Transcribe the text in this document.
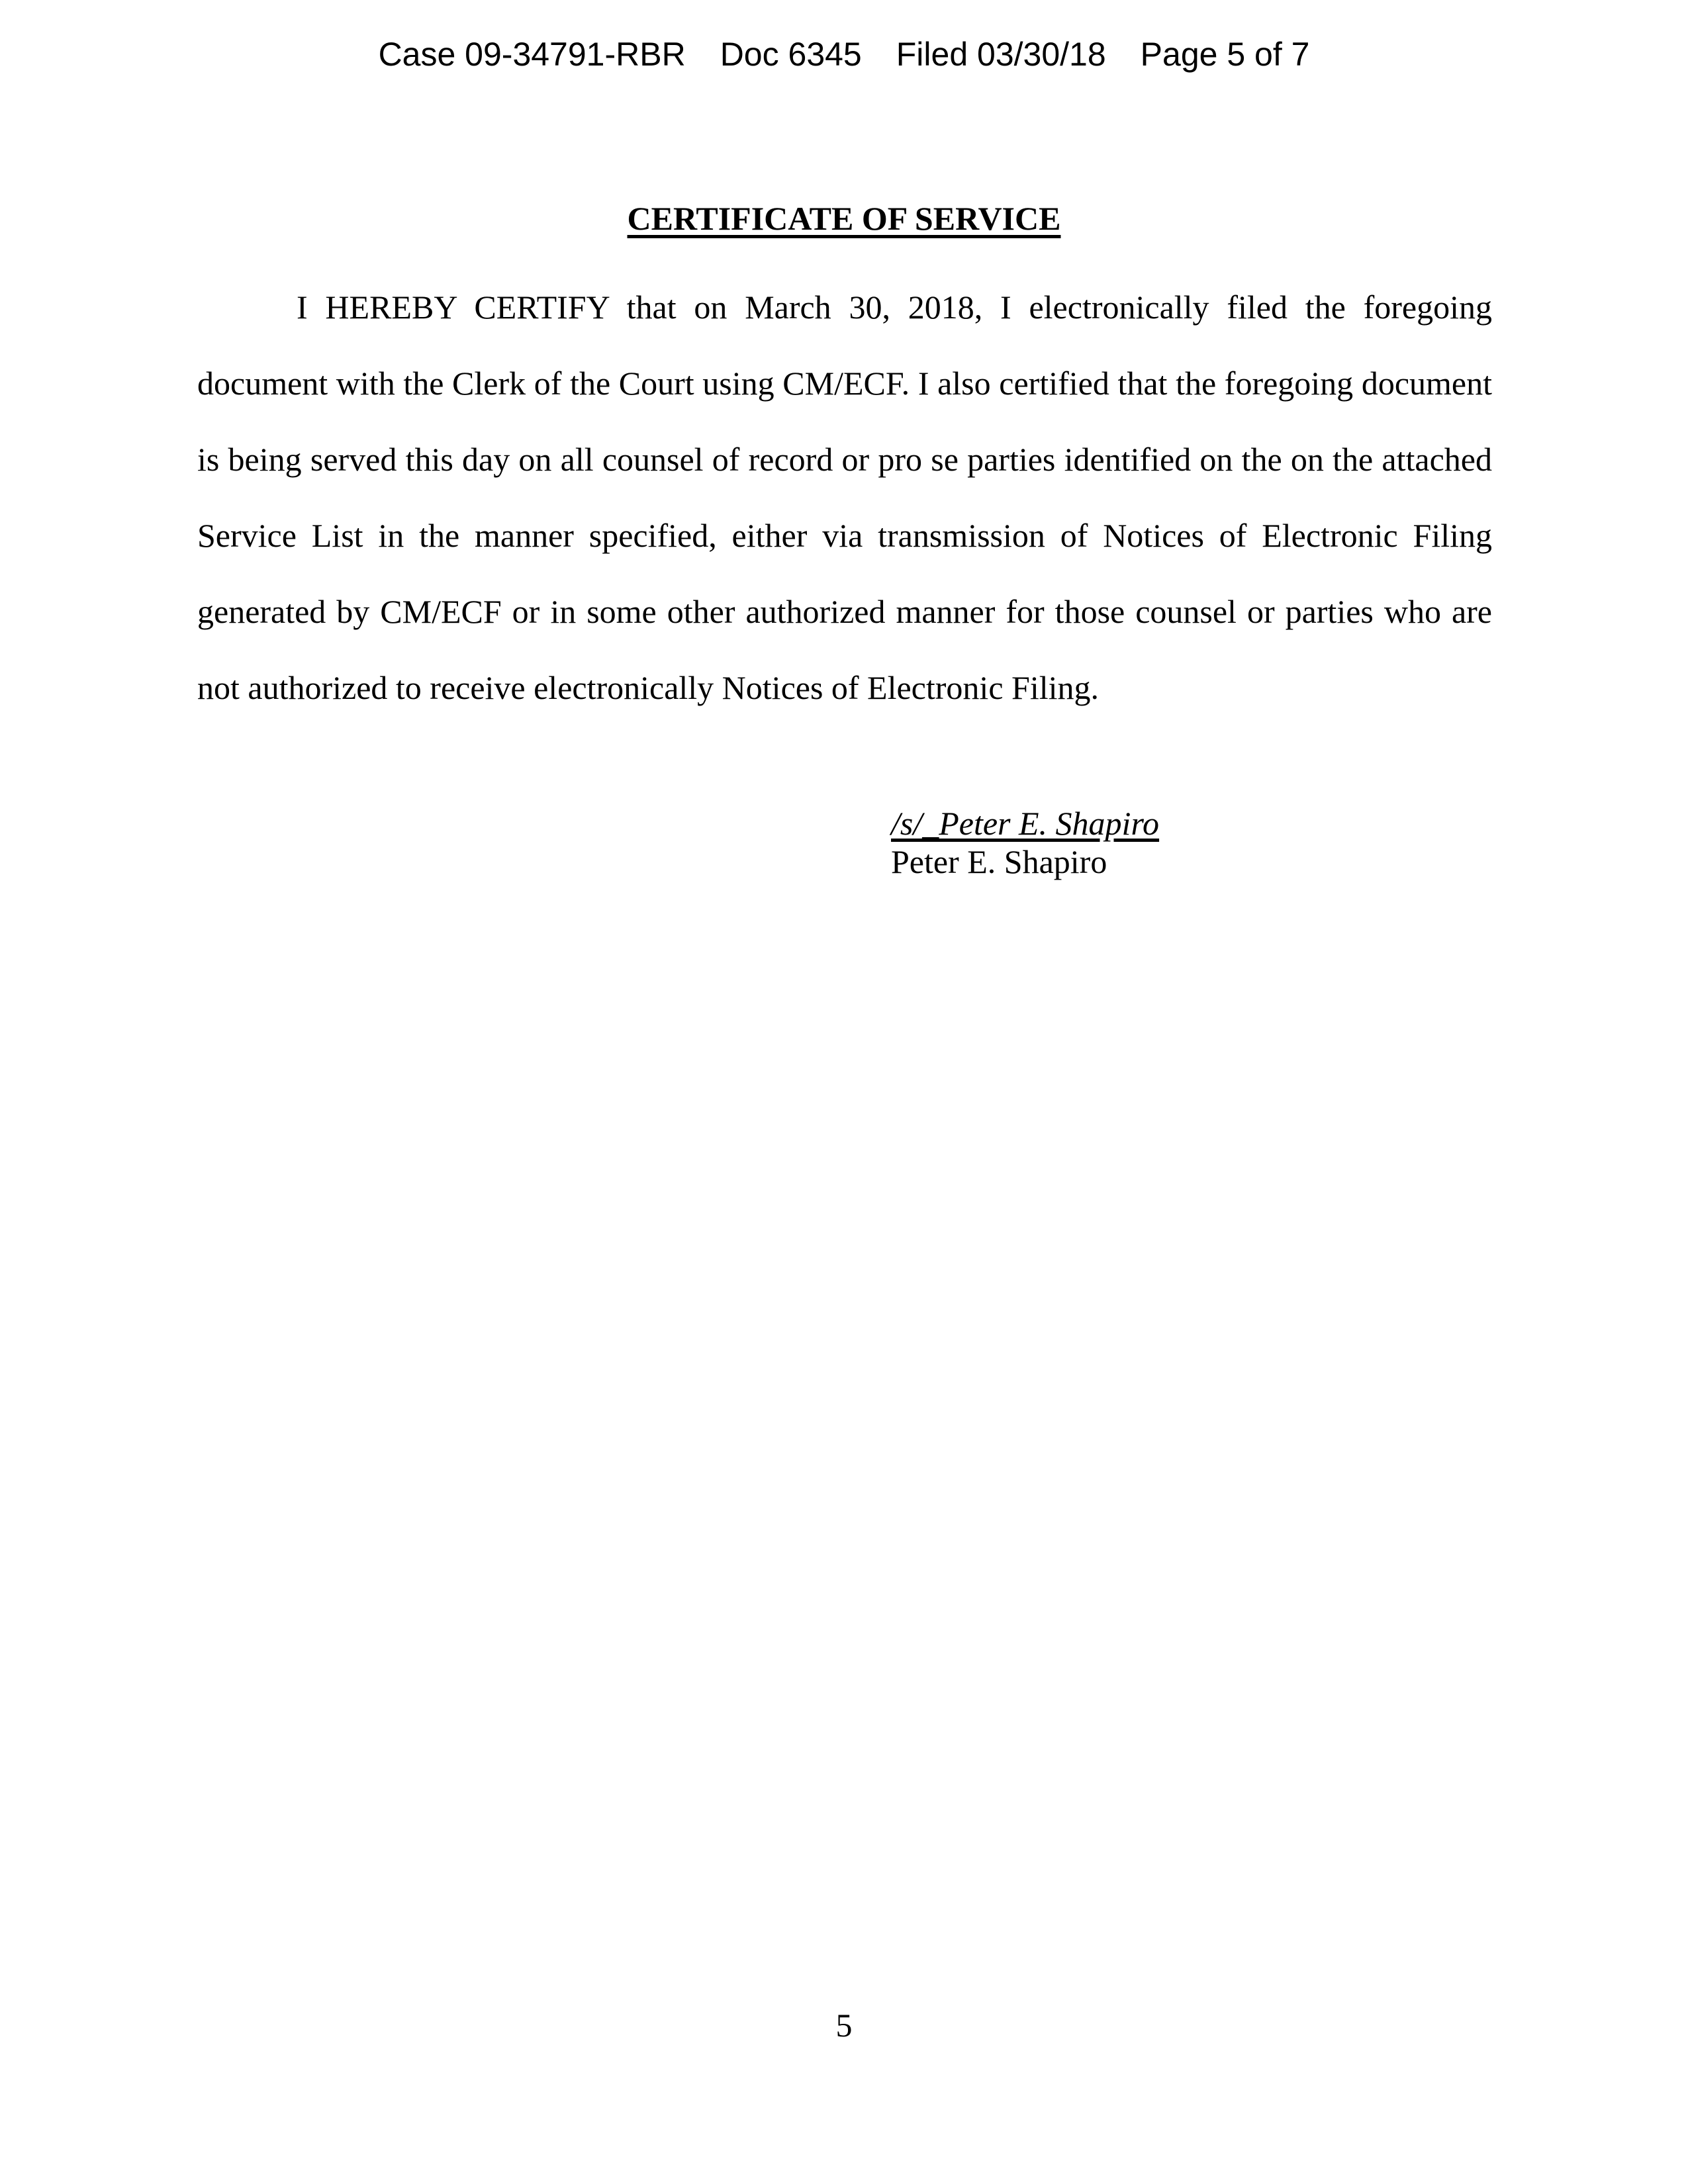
Case 09-34791-RBR Doc 6345 Filed 03/30/18 Page 5 of 7
CERTIFICATE OF SERVICE

I HEREBY CERTIFY that on March 30, 2018, I electronically filed the foregoing document with the Clerk of the Court using CM/ECF. I also certified that the foregoing document is being served this day on all counsel of record or pro se parties identified on the on the attached Service List in the manner specified, either via transmission of Notices of Electronic Filing generated by CM/ECF or in some other authorized manner for those counsel or parties who are not authorized to receive electronically Notices of Electronic Filing.

/s/_Peter E. Shapiro
Peter E. Shapiro
5
